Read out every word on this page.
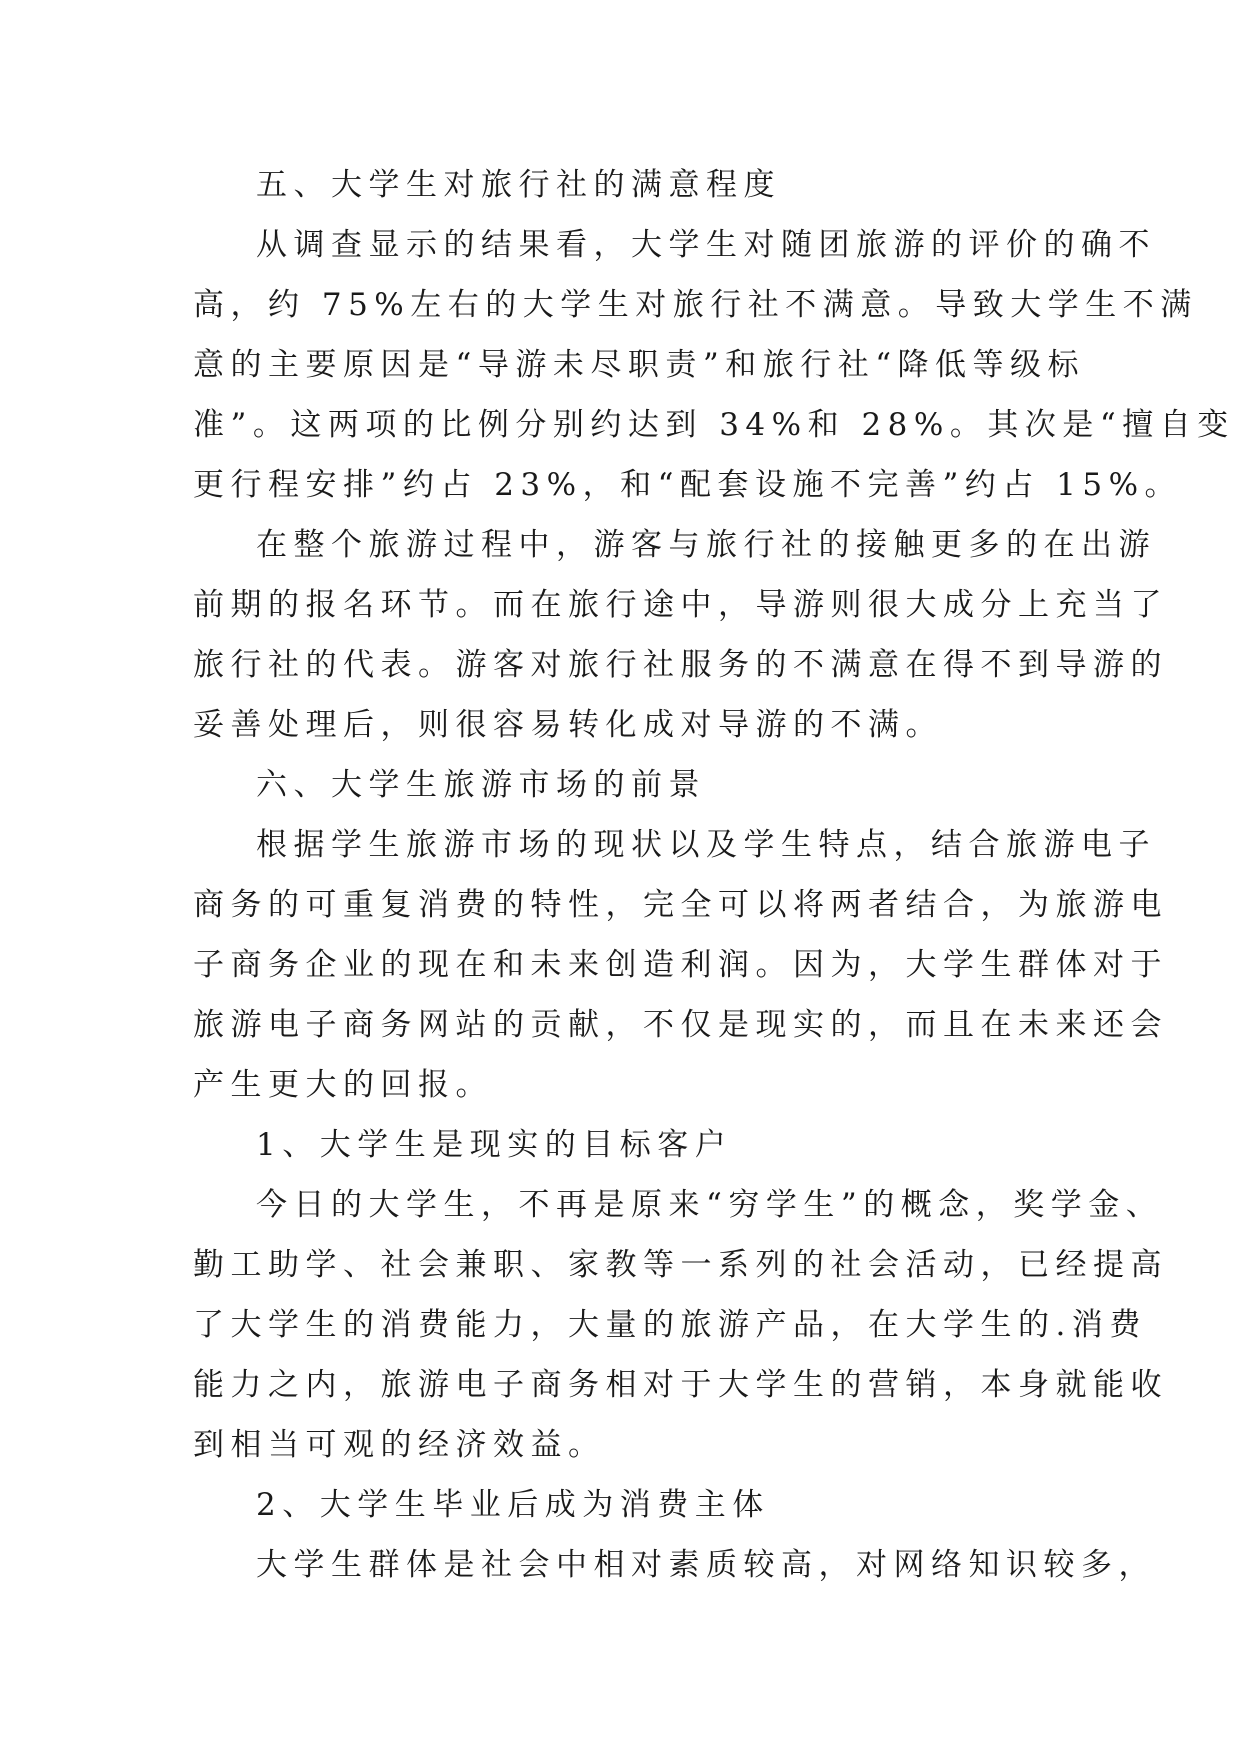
五、大学生对旅行社的满意程度
从调查显示的结果看，大学生对随团旅游的评价的确不
高，约 75%左右的大学生对旅行社不满意。导致大学生不满
意的主要原因是“导游未尽职责”和旅行社“降低等级标
准”。这两项的比例分别约达到 34%和 28%。其次是“擅自变
更行程安排”约占 23%，和“配套设施不完善”约占 15%。
在整个旅游过程中，游客与旅行社的接触更多的在出游
前期的报名环节。而在旅行途中，导游则很大成分上充当了
旅行社的代表。游客对旅行社服务的不满意在得不到导游的
妥善处理后，则很容易转化成对导游的不满。
六、大学生旅游市场的前景
根据学生旅游市场的现状以及学生特点，结合旅游电子
商务的可重复消费的特性，完全可以将两者结合，为旅游电
子商务企业的现在和未来创造利润。因为，大学生群体对于
旅游电子商务网站的贡献，不仅是现实的，而且在未来还会
产生更大的回报。
1、大学生是现实的目标客户
今日的大学生，不再是原来“穷学生”的概念，奖学金、
勤工助学、社会兼职、家教等一系列的社会活动，已经提高
了大学生的消费能力，大量的旅游产品，在大学生的.消费
能力之内，旅游电子商务相对于大学生的营销，本身就能收
到相当可观的经济效益。
2、大学生毕业后成为消费主体
大学生群体是社会中相对素质较高，对网络知识较多，
